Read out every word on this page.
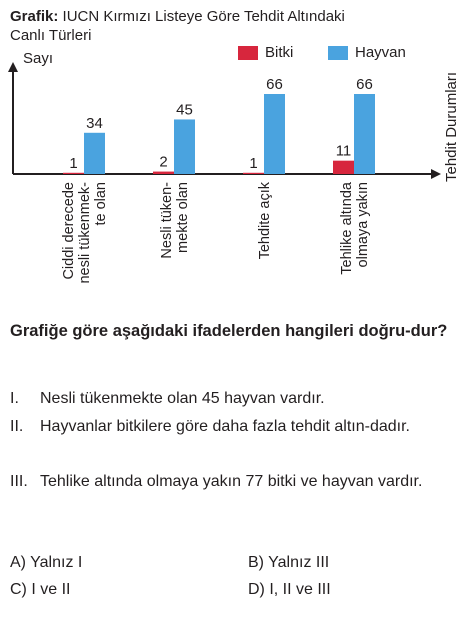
Grafik: IUCN Kırmızı Listeye Göre Tehdit Altındaki
Canlı Türleri
Bitki	Hayvan
Sayı
Tehdit Durumları
1
34
Ciddi derecedenesli tükenmek-te olan
2
45
Nesli tüken-mekte olan
1
66
Tehdite açık
11
66
Tehlike altındaolmaya yakın
Grafiğe göre aşağıdaki ifadelerden hangileri doğru-dur?
I.	Nesli tükenmekte olan 45 hayvan vardır.
II.	Hayvanlar bitkilere göre daha fazla tehdit altın-dadır.
III. Tehlike altında olmaya yakın 77 bitki ve hayvan vardır.
A) Yalnız I	B) Yalnız III
C) I ve II	D) I, II ve III
